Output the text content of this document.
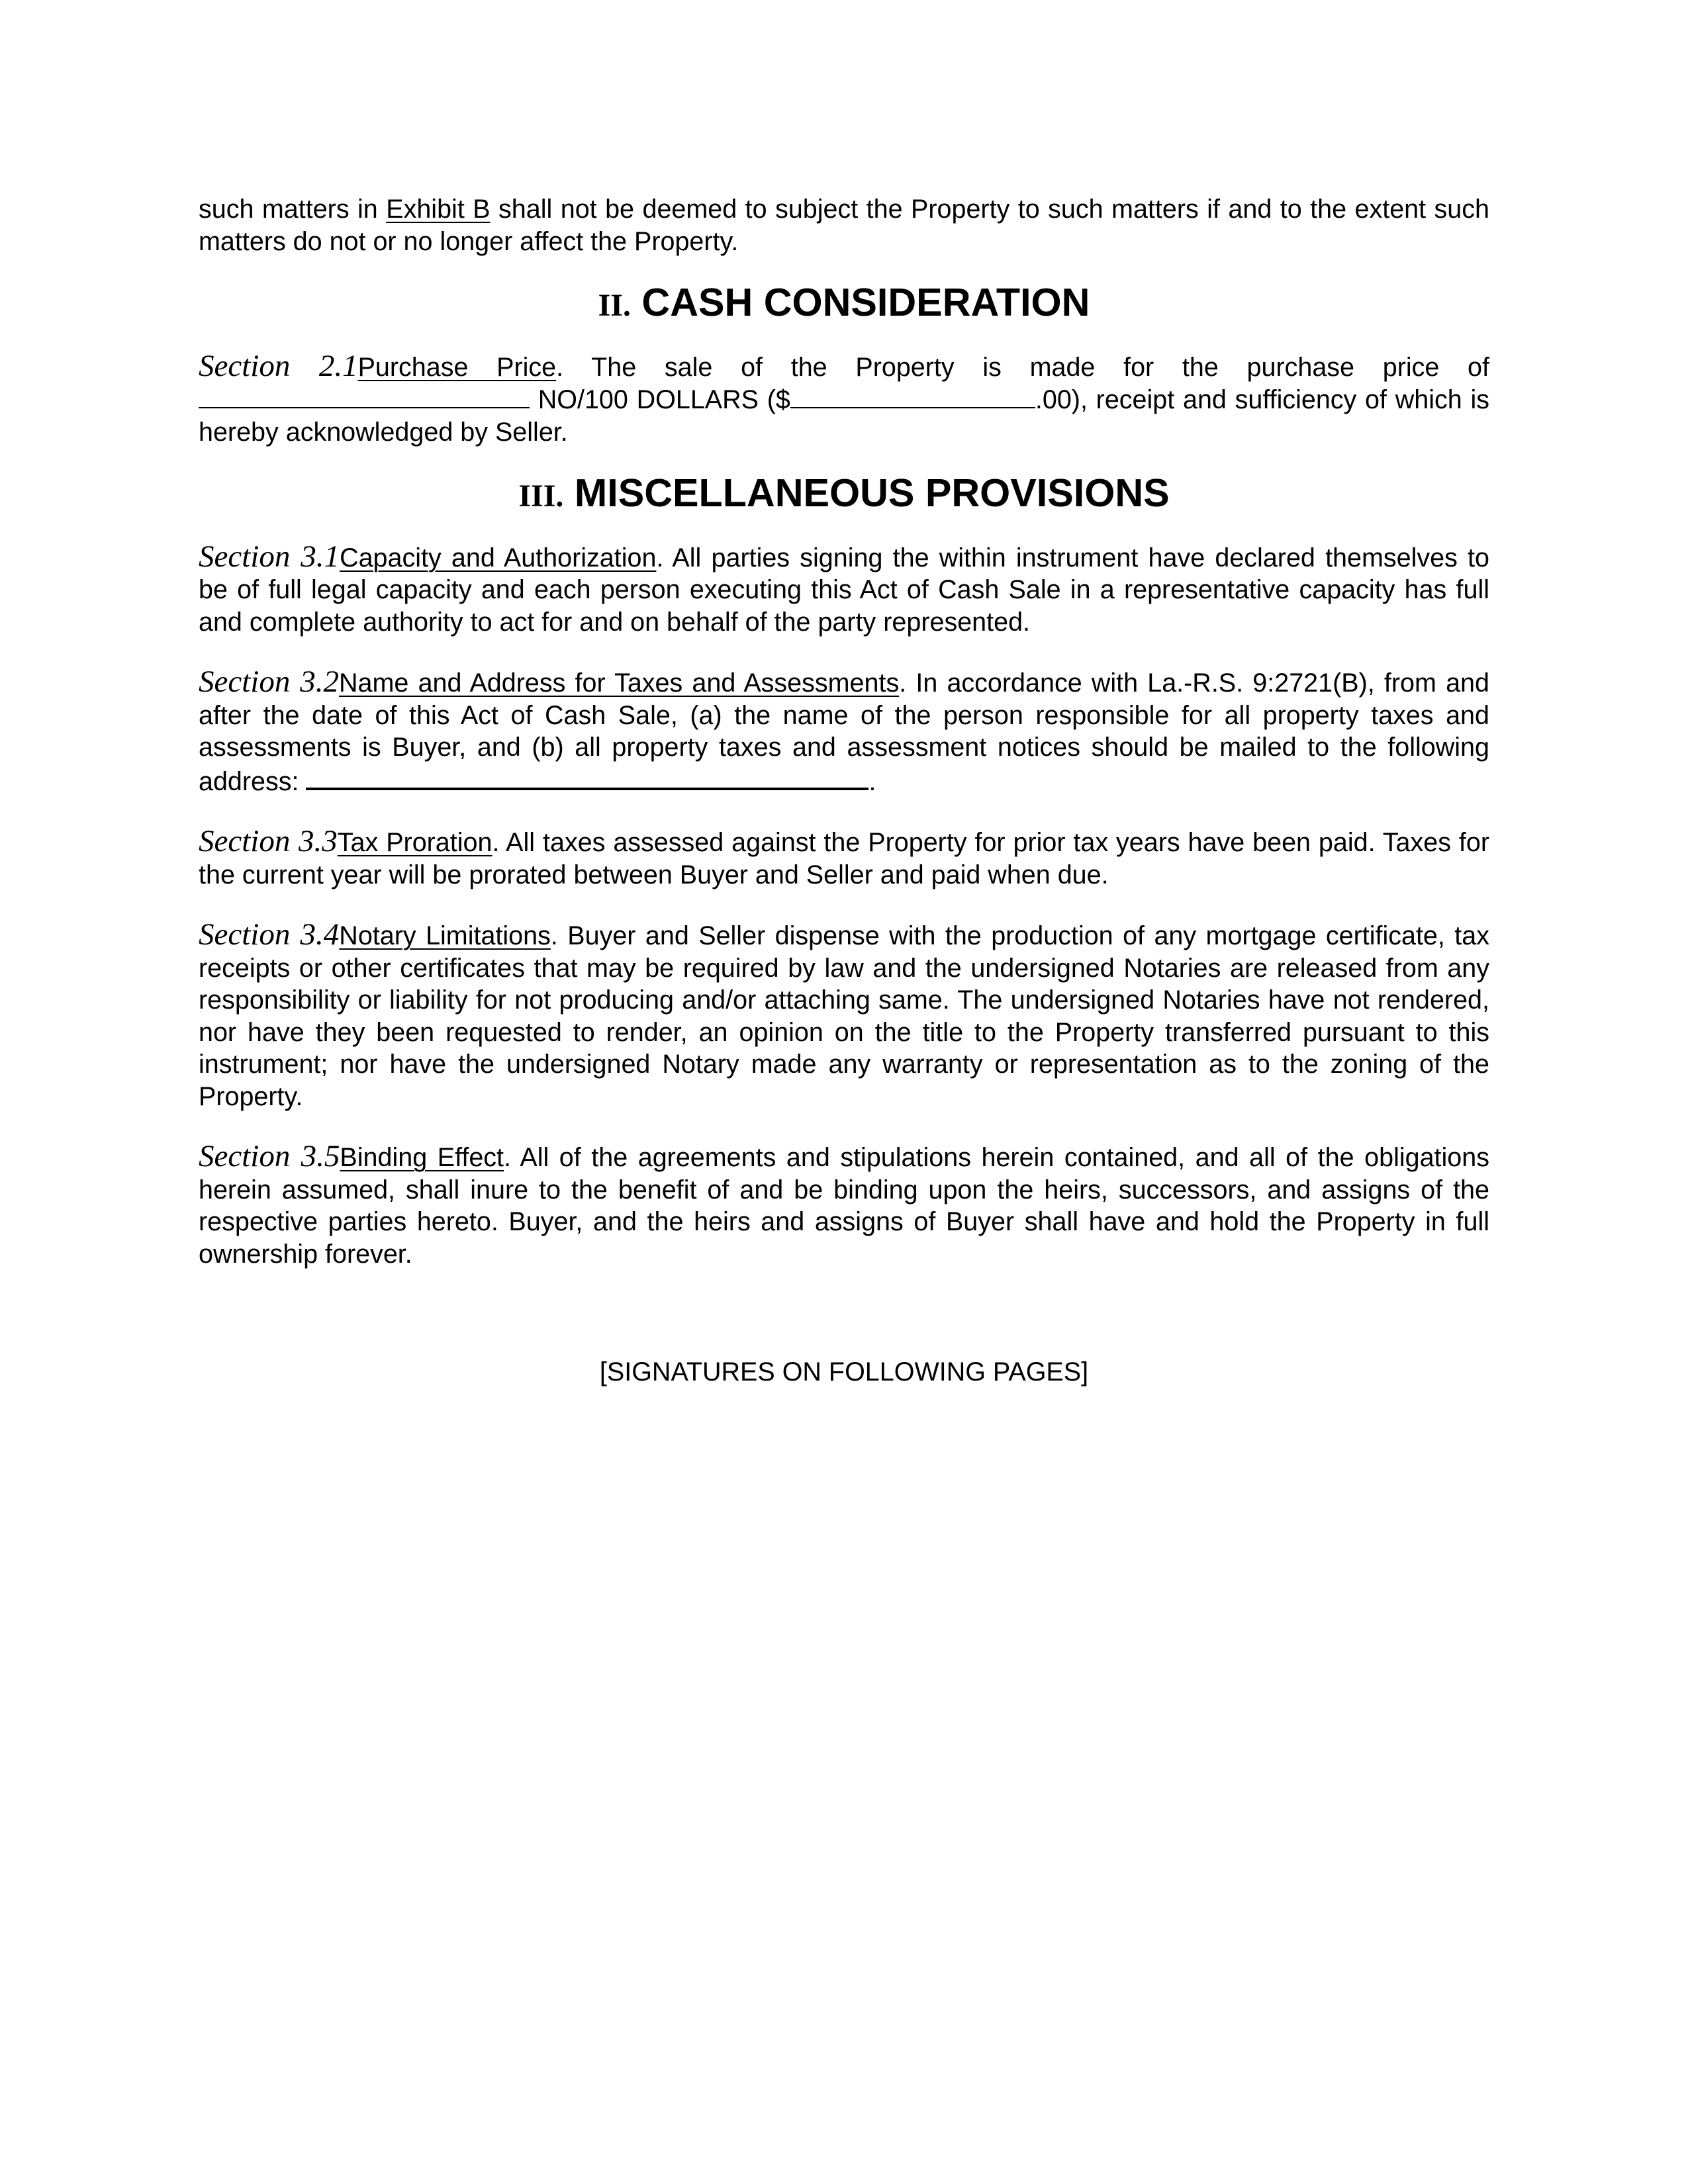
such matters in Exhibit B shall not be deemed to subject the Property to such matters if and to the extent such matters do not or no longer affect the Property.

II. CASH CONSIDERATION

Section 2.1Purchase Price. The sale of the Property is made for the purchase price of  NO/100 DOLLARS ($	.00), receipt and sufficiency of which is hereby acknowledged by Seller.

III. MISCELLANEOUS PROVISIONS

Section 3.1Capacity and Authorization. All parties signing the within instrument have declared themselves to be of full legal capacity and each person executing this Act of Cash Sale in a representative capacity has full and complete authority to act for and on behalf of the party represented.

Section 3.2Name and Address for Taxes and Assessments. In accordance with La.-R.S. 9:2721(B), from and after the date of this Act of Cash Sale, (a) the name of the person responsible for all property taxes and assessments is Buyer, and (b) all property taxes and assessment notices should be mailed to the following address:	.

Section 3.3Tax Proration. All taxes assessed against the Property for prior tax years have been paid. Taxes for the current year will be prorated between Buyer and Seller and paid when due.

Section 3.4Notary Limitations. Buyer and Seller dispense with the production of any mortgage certificate, tax receipts or other certificates that may be required by law and the undersigned Notaries are released from any responsibility or liability for not producing and/or attaching same. The undersigned Notaries have not rendered, nor have they been requested to render, an opinion on the title to the Property transferred pursuant to this instrument; nor have the undersigned Notary made any warranty or representation as to the zoning of the Property.

Section 3.5Binding Effect. All of the agreements and stipulations herein contained, and all of the obligations herein assumed, shall inure to the benefit of and be binding upon the heirs, successors, and assigns of the respective parties hereto. Buyer, and the heirs and assigns of Buyer shall have and hold the Property in full ownership forever.

[SIGNATURES ON FOLLOWING PAGES]
